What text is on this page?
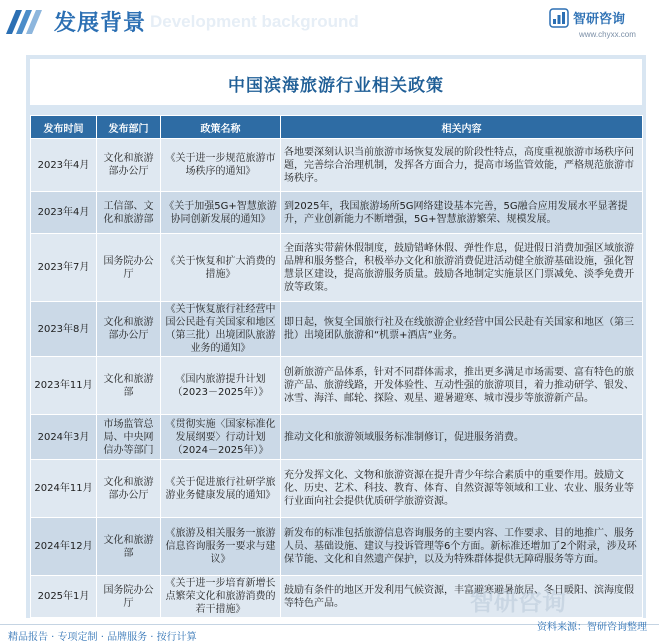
Development background
发展背景	智研咨询
www.chyxx.com
中国滨海旅游行业相关政策
发布时间	发布部门	政策名称	相关内容
2023年4月	文化和旅游部办公厅	《关于进一步规范旅游市场秩序的通知》	各地要深刻认识当前旅游市场恢复发展的阶段性特点，高度重视旅游市场秩序问题，完善综合治理机制，发挥各方面合力，提高市场监管效能，严格规范旅游市场秩序。
2023年4月	工信部、文化和旅游部	《关于加强5G+智慧旅游协同创新发展的通知》	到2025年，我国旅游场所5G网络建设基本完善，5G融合应用发展水平显著提升，产业创新能力不断增强，5G+智慧旅游繁荣、规模发展。
2023年7月	国务院办公厅	《关于恢复和扩大消费的措施》	全面落实带薪休假制度，鼓励错峰休假、弹性作息，促进假日消费加强区域旅游品牌和服务整合，积极举办文化和旅游消费促进活动健全旅游基础设施，强化智慧景区建设，提高旅游服务质量。鼓励各地制定实施景区门票减免、淡季免费开放等政策。
2023年8月	文化和旅游部办公厅	《关于恢复旅行社经营中国公民赴有关国家和地区（第三批）出境团队旅游业务的通知》	即日起，恢复全国旅行社及在线旅游企业经营中国公民赴有关国家和地区（第三批）出境团队旅游和“机票+酒店”业务。
2023年11月	文化和旅游部	《国内旅游提升计划（2023－2025年）》	创新旅游产品体系，针对不同群体需求，推出更多满足市场需要、富有特色的旅游产品、旅游线路，开发体验性、互动性强的旅游项目，着力推动研学、银发、冰雪、海洋、邮轮、探险、观星、避暑避寒、城市漫步等旅游新产品。
2024年3月	市场监管总局、中央网信办等部门	《贯彻实施〈国家标准化发展纲要〉行动计划（2024－2025年）》	推动文化和旅游领域服务标准制修订，促进服务消费。
2024年11月	文化和旅游部办公厅	《关于促进旅行社研学旅游业务健康发展的通知》	充分发挥文化、文物和旅游资源在提升青少年综合素质中的重要作用。鼓励文化、历史、艺术、科技、教育、体育、自然资源等领域和工业、农业、服务业等行业面向社会提供优质研学旅游资源。
2024年12月	文化和旅游部	《旅游及相关服务一旅游信息咨询服务一要求与建议》	新发布的标准包括旅游信息咨询服务的主要内容、工作要求、目的地推广、服务人员、基础设施、建议与投诉管理等6个方面。新标准还增加了2个附录，涉及环保节能、文化和自然遗产保护，以及为特殊群体提供无障碍服务等方面。
2025年1月	国务院办公厅	《关于进一步培育新增长点繁荣文化和旅游消费的若干措施》	鼓励有条件的地区开发利用气候资源，丰富避寒避暑旅居、冬日暖阳、滨海度假等特色产品。	智研咨询
精品报告 · 专项定制 · 品牌服务 · 按行计算
资料来源：智研咨询整理
